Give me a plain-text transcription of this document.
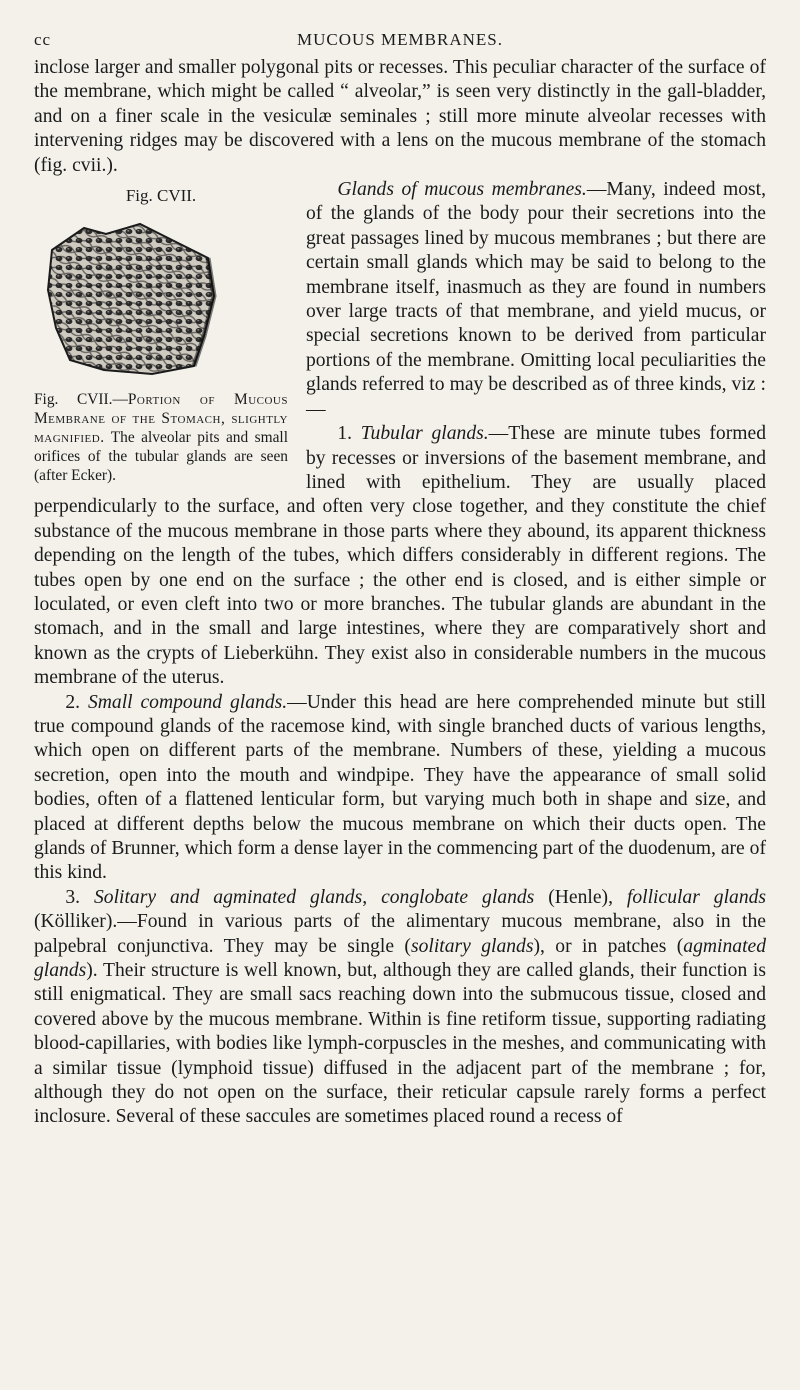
cc	MUCOUS MEMBRANES.

inclose larger and smaller polygonal pits or recesses. This peculiar character of the surface of the membrane, which might be called “ alveolar,” is seen very distinctly in the gall-bladder, and on a finer scale in the vesiculæ seminales ; still more minute alveolar recesses with intervening ridges may be discovered with a lens on the mucous membrane of the stomach (fig. cvii.).

Fig. CVII.
Fig. CVII.—Portion of Mucous Membrane of the Stomach, slightly magnified. The alveolar pits and small orifices of the tubular glands are seen (after Ecker).

Glands of mucous membranes.—Many, indeed most, of the glands of the body pour their secretions into the great passages lined by mucous membranes ; but there are certain small glands which may be said to belong to the membrane itself, inasmuch as they are found in numbers over large tracts of that membrane, and yield mucus, or special secretions known to be derived from particular portions of the membrane. Omitting local peculiarities the glands referred to may be described as of three kinds, viz :—

1. Tubular glands.—These are minute tubes formed by recesses or inversions of the basement membrane, and lined with epithelium. They are usually placed perpendicularly to the surface, and often very close together, and they constitute the chief substance of the mucous membrane in those parts where they abound, its apparent thickness depending on the length of the tubes, which differs considerably in different regions. The tubes open by one end on the surface ; the other end is closed, and is either simple or loculated, or even cleft into two or more branches. The tubular glands are abundant in the stomach, and in the small and large intestines, where they are comparatively short and known as the crypts of Lieberkühn. They exist also in considerable numbers in the mucous membrane of the uterus.

2. Small compound glands.—Under this head are here comprehended minute but still true compound glands of the racemose kind, with single branched ducts of various lengths, which open on different parts of the membrane. Numbers of these, yielding a mucous secretion, open into the mouth and windpipe. They have the appearance of small solid bodies, often of a flattened lenticular form, but varying much both in shape and size, and placed at different depths below the mucous membrane on which their ducts open. The glands of Brunner, which form a dense layer in the commencing part of the duodenum, are of this kind.

3. Solitary and agminated glands, conglobate glands (Henle), follicular glands (Kölliker).—Found in various parts of the alimentary mucous membrane, also in the palpebral conjunctiva. They may be single (solitary glands), or in patches (agminated glands). Their structure is well known, but, although they are called glands, their function is still enigmatical. They are small sacs reaching down into the submucous tissue, closed and covered above by the mucous membrane. Within is fine retiform tissue, supporting radiating blood-capillaries, with bodies like lymph-corpuscles in the meshes, and communicating with a similar tissue (lymphoid tissue) diffused in the adjacent part of the membrane ; for, although they do not open on the surface, their reticular capsule rarely forms a perfect inclosure. Several of these saccules are sometimes placed round a recess of
